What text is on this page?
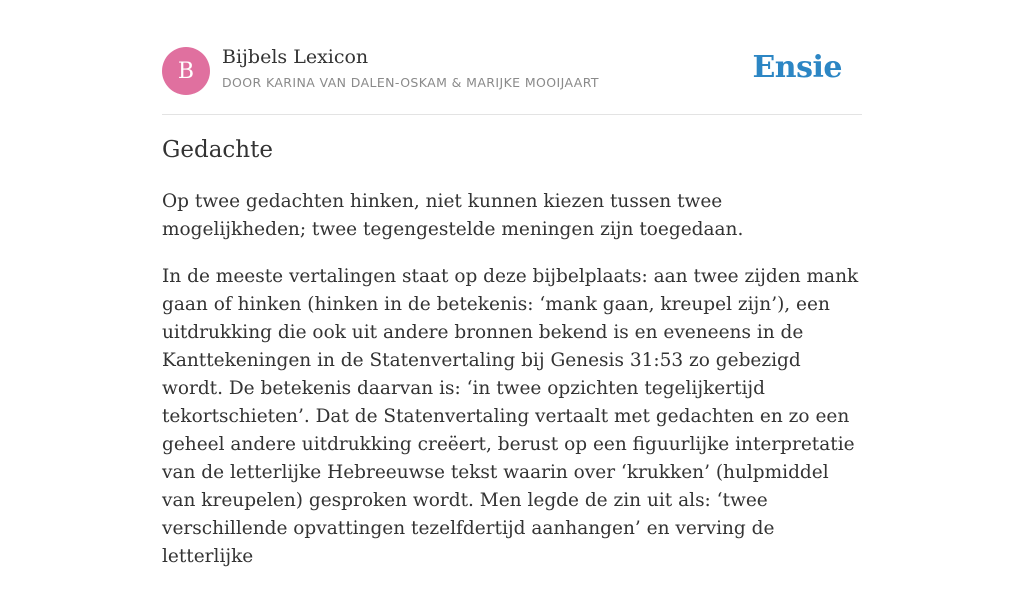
B
Bijbels Lexicon
DOOR KARINA VAN DALEN-OSKAM & MARIJKE MOOIJAART	Ensie
Gedachte

Op twee gedachten hinken, niet kunnen kiezen tussen twee mogelijkheden; twee tegengestelde meningen zijn toegedaan.

In de meeste vertalingen staat op deze bijbelplaats: aan twee zijden mank gaan of hinken (hinken in de betekenis: ‘mank gaan, kreupel zijn’), een uitdrukking die ook uit andere bronnen bekend is en eveneens in de Kanttekeningen in de Statenvertaling bij Genesis 31:53 zo gebezigd wordt. De betekenis daarvan is: ‘in twee opzichten tegelijkertijd tekortschieten’. Dat de Statenvertaling vertaalt met gedachten en zo een geheel andere uitdrukking creëert, berust op een figuurlijke interpretatie van de letterlijke Hebreeuwse tekst waarin over ‘krukken’ (hulpmiddel van kreupelen) gesproken wordt. Men legde de zin uit als: ‘twee verschillende opvattingen tezelfdertijd aanhangen’ en verving de letterlijke
